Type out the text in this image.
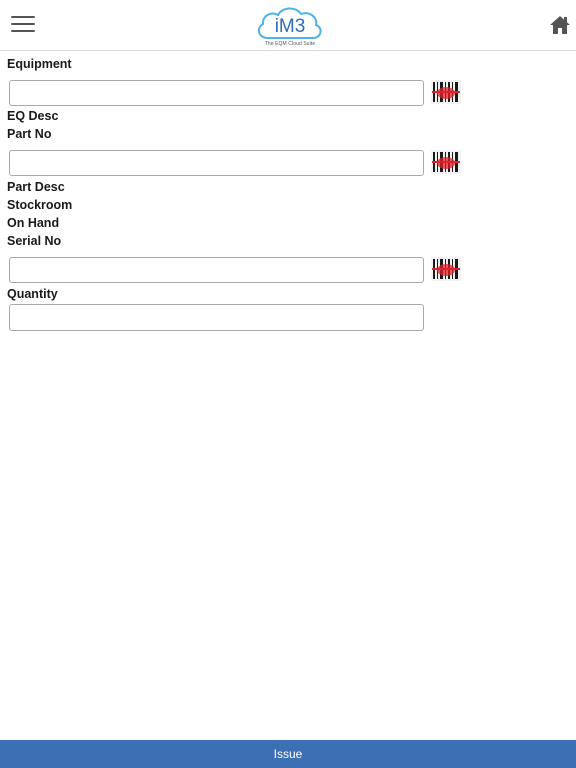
iM3
The EQM Cloud Suite
Equipment
EQ Desc
Part No
Part Desc
Stockroom
On Hand
Serial No
Quantity
Issue
